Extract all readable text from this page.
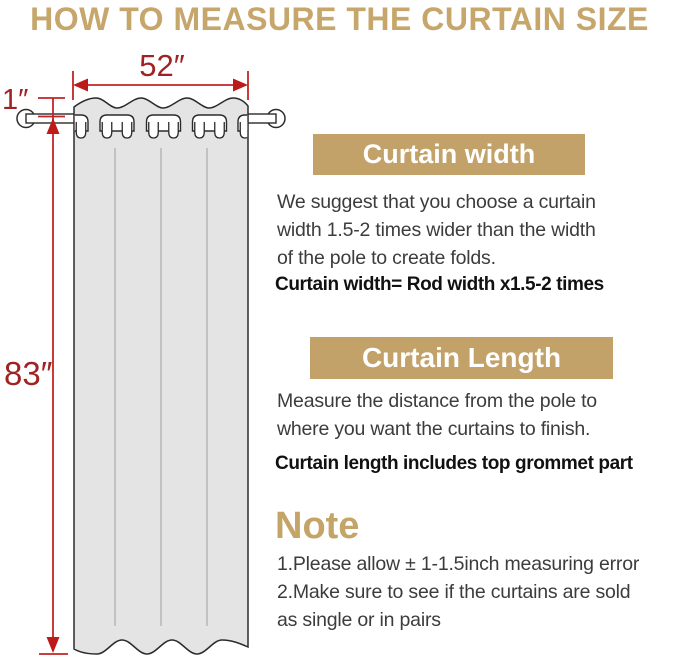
HOW TO MEASURE THE CURTAIN SIZE
52″
1″
83″
Curtain width
We suggest that you choose a curtain
width 1.5-2 times wider than the width
of the pole to create folds.
Curtain width= Rod width x1.5-2 times
Curtain Length
Measure the distance from the pole to
where you want the curtains to finish.
Curtain length includes top grommet part
Note
1.Please allow ± 1-1.5inch measuring error
2.Make sure to see if the curtains are sold
as single or in pairs
